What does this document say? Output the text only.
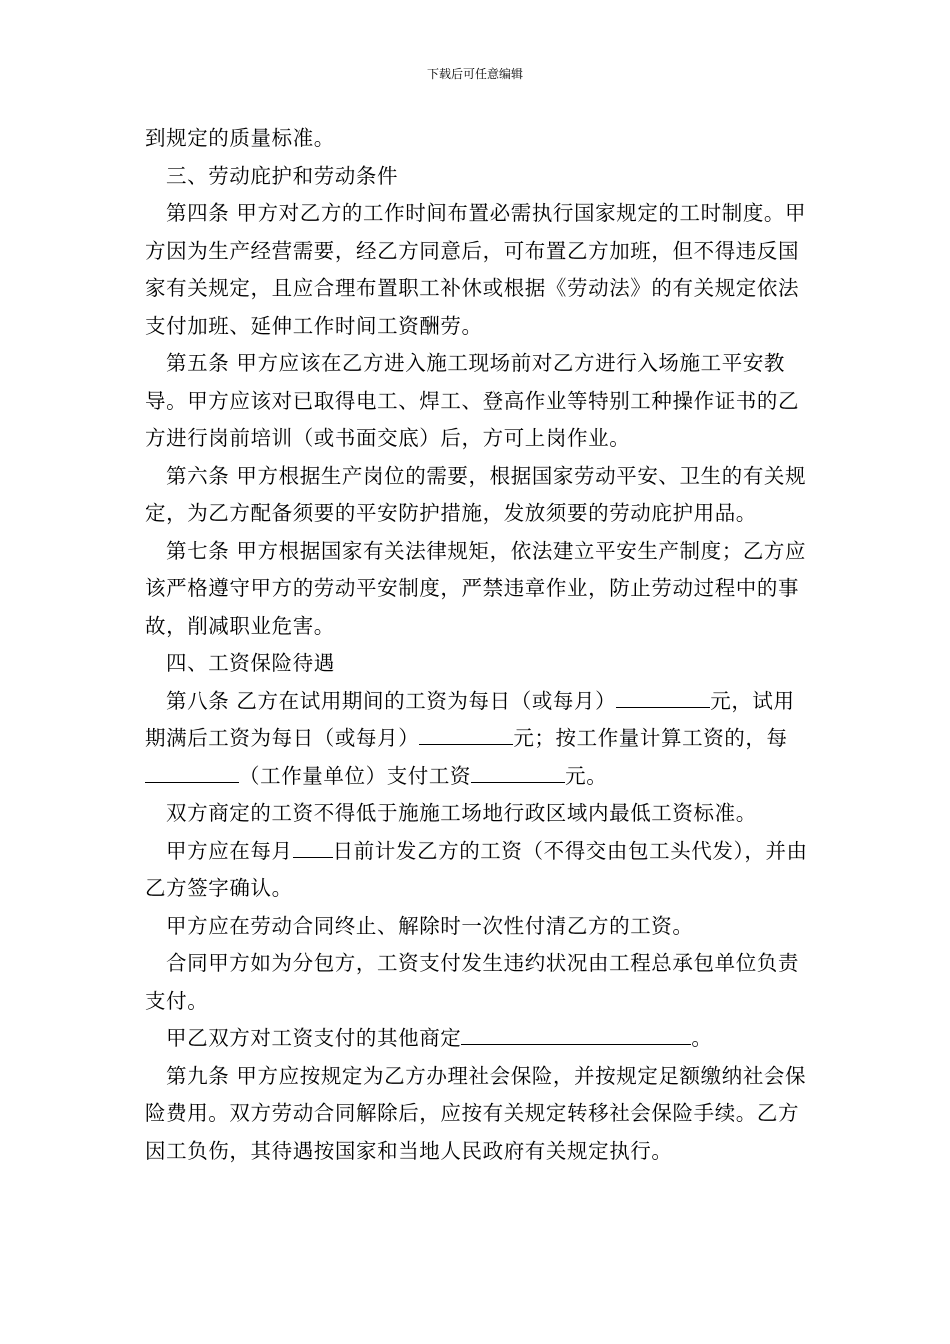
下载后可任意编辑

到规定的质量标准。

三、劳动庇护和劳动条件

第四条 甲方对乙方的工作时间布置必需执行国家规定的工时制度。甲方因为生产经营需要，经乙方同意后，可布置乙方加班，但不得违反国家有关规定，且应合理布置职工补休或根据《劳动法》的有关规定依法支付加班、延伸工作时间工资酬劳。

第五条 甲方应该在乙方进入施工现场前对乙方进行入场施工平安教导。甲方应该对已取得电工、焊工、登高作业等特别工种操作证书的乙方进行岗前培训（或书面交底）后，方可上岗作业。

第六条 甲方根据生产岗位的需要，根据国家劳动平安、卫生的有关规定，为乙方配备须要的平安防护措施，发放须要的劳动庇护用品。

第七条 甲方根据国家有关法律规矩，依法建立平安生产制度；乙方应该严格遵守甲方的劳动平安制度，严禁违章作业，防止劳动过程中的事故，削减职业危害。

四、工资保险待遇

第八条 乙方在试用期间的工资为每日（或每月）	元，试用期满后工资为每日（或每月）	元；按工作量计算工资的，每（工作量单位）支付工资	元。

双方商定的工资不得低于施施工场地行政区域内最低工资标准。

甲方应在每月 日前计发乙方的工资（不得交由包工头代发），并由乙方签字确认。

甲方应在劳动合同终止、解除时一次性付清乙方的工资。

合同甲方如为分包方，工资支付发生违约状况由工程总承包单位负责支付。

甲乙双方对工资支付的其他商定	。

第九条 甲方应按规定为乙方办理社会保险，并按规定足额缴纳社会保险费用。双方劳动合同解除后，应按有关规定转移社会保险手续。乙方因工负伤，其待遇按国家和当地人民政府有关规定执行。
